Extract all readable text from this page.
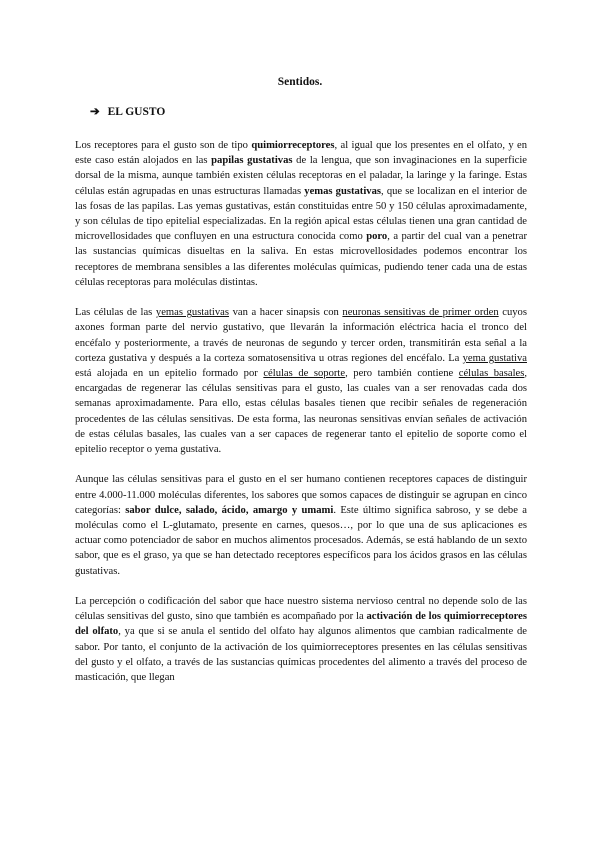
Sentidos.
➔ EL GUSTO

Los receptores para el gusto son de tipo quimiorreceptores, al igual que los presentes en el olfato, y en este caso están alojados en las papilas gustativas de la lengua, que son invaginaciones en la superficie dorsal de la misma, aunque también existen células receptoras en el paladar, la laringe y la faringe. Estas células están agrupadas en unas estructuras llamadas yemas gustativas, que se localizan en el interior de las fosas de las papilas. Las yemas gustativas, están constituidas entre 50 y 150 células aproximadamente, y son células de tipo epitelial especializadas. En la región apical estas células tienen una gran cantidad de microvellosidades que confluyen en una estructura conocida como poro, a partir del cual van a penetrar las sustancias químicas disueltas en la saliva. En estas microvellosidades podemos encontrar los receptores de membrana sensibles a las diferentes moléculas químicas, pudiendo tener cada una de estas células receptoras para moléculas distintas.

Las células de las yemas gustativas van a hacer sinapsis con neuronas sensitivas de primer orden cuyos axones forman parte del nervio gustativo, que llevarán la información eléctrica hacia el tronco del encéfalo y posteriormente, a través de neuronas de segundo y tercer orden, transmitirán esta señal a la corteza gustativa y después a la corteza somatosensitiva u otras regiones del encéfalo. La yema gustativa está alojada en un epitelio formado por células de soporte, pero también contiene células basales, encargadas de regenerar las células sensitivas para el gusto, las cuales van a ser renovadas cada dos semanas aproximadamente. Para ello, estas células basales tienen que recibir señales de regeneración procedentes de las células sensitivas. De esta forma, las neuronas sensitivas envían señales de activación de estas células basales, las cuales van a ser capaces de regenerar tanto el epitelio de soporte como el epitelio receptor o yema gustativa.

Aunque las células sensitivas para el gusto en el ser humano contienen receptores capaces de distinguir entre 4.000-11.000 moléculas diferentes, los sabores que somos capaces de distinguir se agrupan en cinco categorías: sabor dulce, salado, ácido, amargo y umami. Este último significa sabroso, y se debe a moléculas como el L-glutamato, presente en carnes, quesos…, por lo que una de sus aplicaciones es actuar como potenciador de sabor en muchos alimentos procesados. Además, se está hablando de un sexto sabor, que es el graso, ya que se han detectado receptores específicos para los ácidos grasos en las células gustativas.

La percepción o codificación del sabor que hace nuestro sistema nervioso central no depende solo de las células sensitivas del gusto, sino que también es acompañado por la activación de los quimiorreceptores del olfato, ya que si se anula el sentido del olfato hay algunos alimentos que cambian radicalmente de sabor. Por tanto, el conjunto de la activación de los quimiorreceptores presentes en las células sensitivas del gusto y el olfato, a través de las sustancias químicas procedentes del alimento a través del proceso de masticación, que llegan
